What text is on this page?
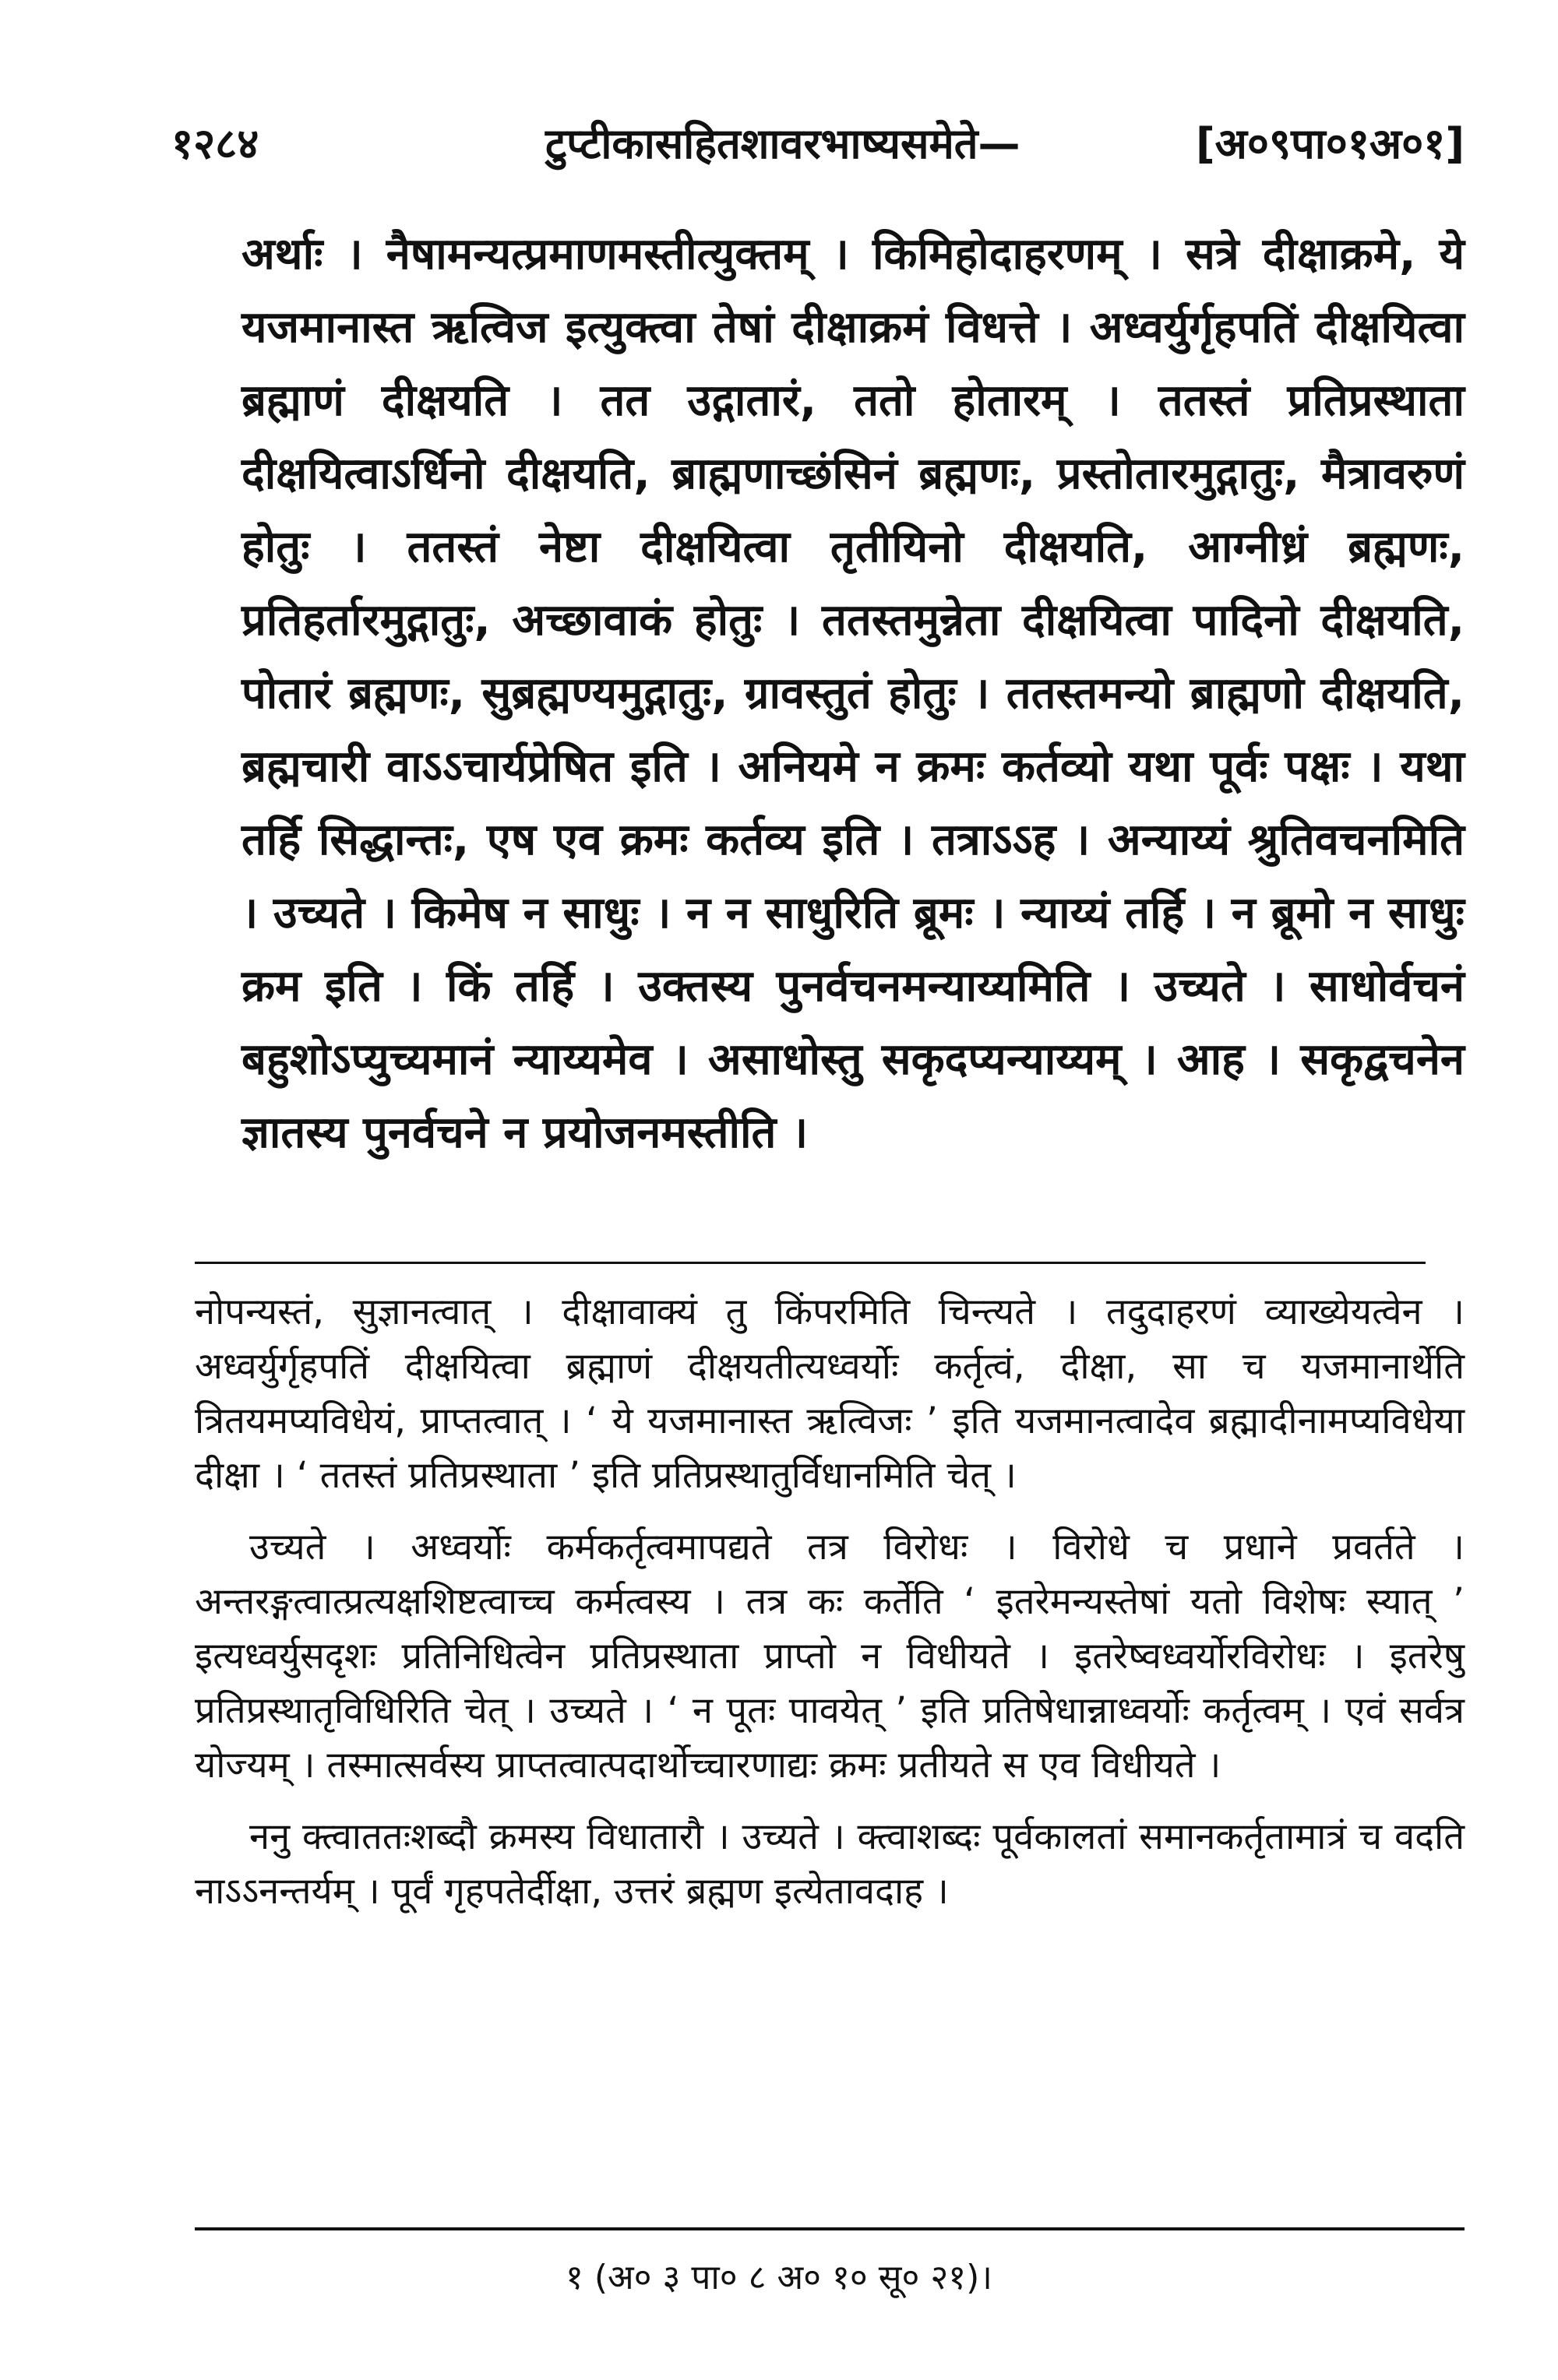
१२८४	टुप्टीकासहितशावरभाष्यसमेते—	[अ०९पा०१अ०१]

अर्थाः । नैषामन्यत्प्रमाणमस्तीत्युक्तम् । किमिहोदाहरणम् । सत्रे दीक्षाक्रमे, ये यजमानास्त ऋत्विज इत्युक्त्वा तेषां दीक्षाक्रमं विधत्ते । अध्वर्युर्गृहपतिं दीक्षयित्वा ब्रह्माणं दीक्षयति । तत उद्गातारं, ततो होतारम् । ततस्तं प्रतिप्रस्थाता दीक्षयित्वाऽर्धिनो दीक्षयति, ब्राह्मणाच्छंसिनं ब्रह्मणः, प्रस्तोतारमुद्गातुः, मैत्रावरुणं होतुः । ततस्तं नेष्टा दीक्षयित्वा तृतीयिनो दीक्षयति, आग्नीध्रं ब्रह्मणः, प्रतिहर्तारमुद्गातुः, अच्छावाकं होतुः । ततस्तमुन्नेता दीक्षयित्वा पादिनो दीक्षयति, पोतारं ब्रह्मणः, सुब्रह्मण्यमुद्गातुः, ग्रावस्तुतं होतुः । ततस्तमन्यो ब्राह्मणो दीक्षयति, ब्रह्मचारी वाऽऽचार्यप्रेषित इति । अनियमे न क्रमः कर्तव्यो यथा पूर्वः पक्षः । यथा तर्हि सिद्धान्तः, एष एव क्रमः कर्तव्य इति । तत्राऽऽह । अन्याय्यं श्रुतिवचनमिति । उच्यते । किमेष न साधुः । न न साधुरिति ब्रूमः । न्याय्यं तर्हि । न ब्रूमो न साधुः क्रम इति । किं तर्हि । उक्तस्य पुनर्वचनमन्याय्यमिति । उच्यते । साधोर्वचनं बहुशोऽप्युच्यमानं न्याय्यमेव । असाधोस्तु सकृदप्यन्याय्यम् । आह । सकृद्वचनेन ज्ञातस्य पुनर्वचने न प्रयोजनमस्तीति ।

नोपन्यस्तं, सुज्ञानत्वात् । दीक्षावाक्यं तु किंपरमिति चिन्त्यते । तदुदाहरणं व्याख्येयत्वेन । अध्वर्युर्गृहपतिं दीक्षयित्वा ब्रह्माणं दीक्षयतीत्यध्वर्योः कर्तृत्वं, दीक्षा, सा च यजमानार्थेति त्रितयमप्यविधेयं, प्राप्तत्वात् । ‘ ये यजमानास्त ऋत्विजः ’ इति यजमानत्वादेव ब्रह्मादीनामप्यविधेया दीक्षा । ‘ ततस्तं प्रतिप्रस्थाता ’ इति प्रतिप्रस्थातुर्विधानमिति चेत् ।

उच्यते । अध्वर्योः कर्मकर्तृत्वमापद्यते तत्र विरोधः । विरोधे च प्रधाने प्रवर्तते । अन्तरङ्गत्वात्प्रत्यक्षशिष्टत्वाच्च कर्मत्वस्य । तत्र कः कर्तेति ‘ इतरेमन्यस्तेषां यतो विशेषः स्यात् ’ इत्यध्वर्युसदृशः प्रतिनिधित्वेन प्रतिप्रस्थाता प्राप्तो न विधीयते । इतरेष्वध्वर्योरविरोधः । इतरेषु प्रतिप्रस्थातृविधिरिति चेत् । उच्यते । ‘ न पूतः पावयेत् ’ इति प्रतिषेधान्नाध्वर्योः कर्तृत्वम् । एवं सर्वत्र योज्यम् । तस्मात्सर्वस्य प्राप्तत्वात्पदार्थोच्चारणाद्यः क्रमः प्रतीयते स एव विधीयते ।

ननु क्त्वाततःशब्दौ क्रमस्य विधातारौ । उच्यते । क्त्वाशब्दः पूर्वकालतां समानकर्तृतामात्रं च वदति नाऽऽनन्तर्यम् । पूर्वं गृहपतेर्दीक्षा, उत्तरं ब्रह्मण इत्येतावदाह ।

१ (अ० ३ पा० ८ अ० १० सू० २१)।
